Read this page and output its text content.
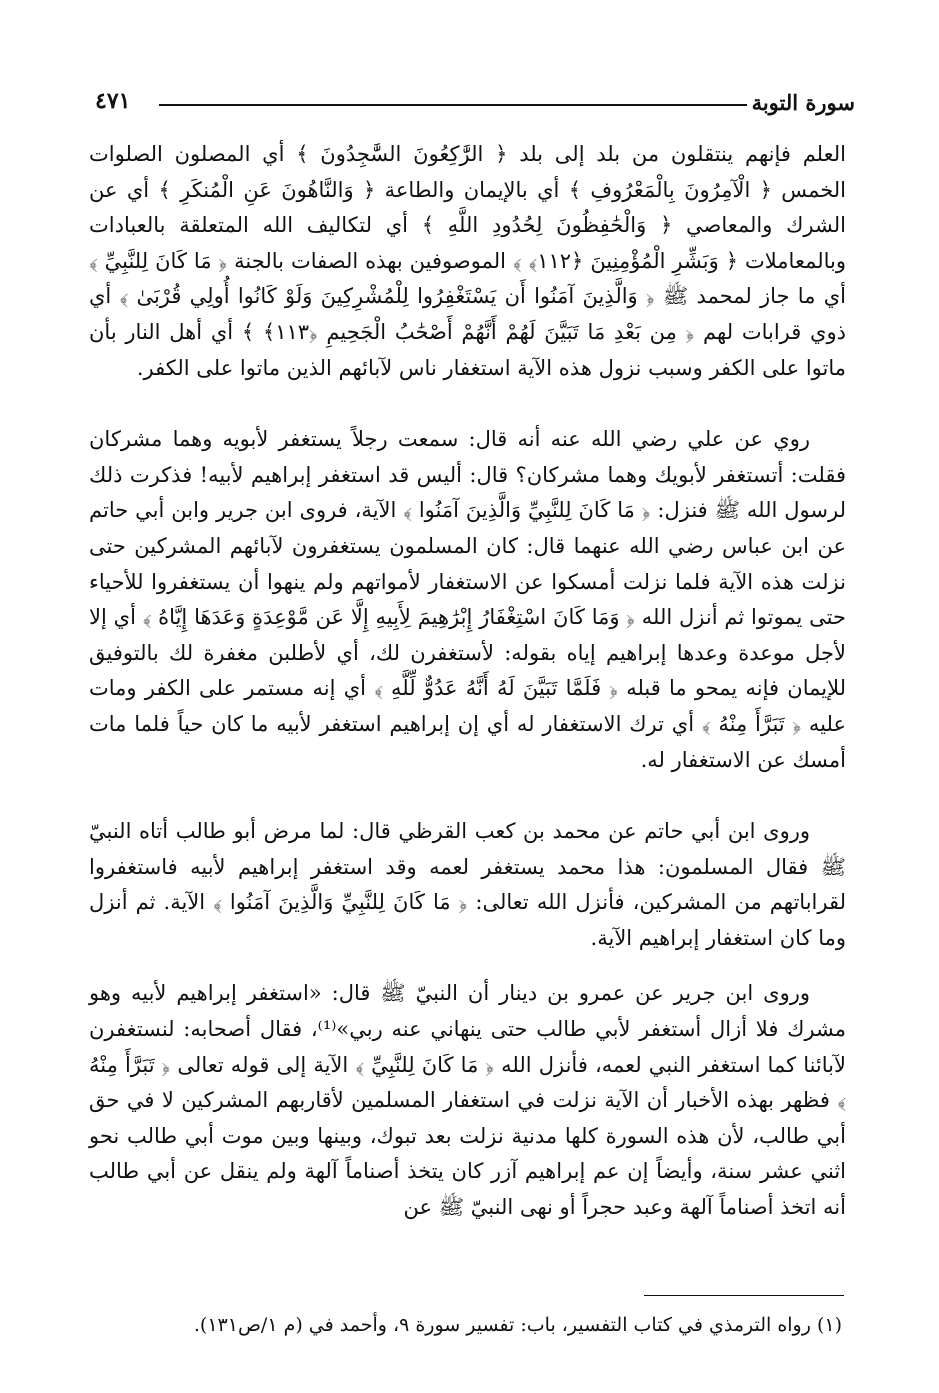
سورة التوبة
٤٧١

العلم فإنهم ينتقلون من بلد إلى بلد ﴿ الرَّٰكِعُونَ السَّٰجِدُونَ ﴾ أي المصلون الصلوات الخمس ﴿ الْآمِرُونَ بِالْمَعْرُوفِ ﴾ أي بالإيمان والطاعة ﴿ وَالنَّاهُونَ عَنِ الْمُنكَرِ ﴾ أي عن الشرك والمعاصي ﴿ وَالْحَٰفِظُونَ لِحُدُودِ اللَّهِ ﴾ أي لتكاليف الله المتعلقة بالعبادات وبالمعاملات ﴿ وَبَشِّرِ الْمُؤْمِنِينَ ﴿١١٢﴾ ﴾ الموصوفين بهذه الصفات بالجنة ﴿ مَا كَانَ لِلنَّبِيِّ ﴾ أي ما جاز لمحمد ﷺ ﴿ وَالَّذِينَ آمَنُوا أَن يَسْتَغْفِرُوا لِلْمُشْرِكِينَ وَلَوْ كَانُوا أُولِي قُرْبَىٰ ﴾ أي ذوي قرابات لهم ﴿ مِن بَعْدِ مَا تَبَيَّنَ لَهُمْ أَنَّهُمْ أَصْحَٰبُ الْجَحِيمِ ﴿١١٣﴾ ﴾ أي أهل النار بأن ماتوا على الكفر وسبب نزول هذه الآية استغفار ناس لآبائهم الذين ماتوا على الكفر.

روي عن علي رضي الله عنه أنه قال: سمعت رجلاً يستغفر لأبويه وهما مشركان فقلت: أتستغفر لأبويك وهما مشركان؟ قال: أليس قد استغفر إبراهيم لأبيه! فذكرت ذلك لرسول الله ﷺ فنزل: ﴿ مَا كَانَ لِلنَّبِيِّ وَالَّذِينَ آمَنُوا ﴾ الآية، فروى ابن جرير وابن أبي حاتم عن ابن عباس رضي الله عنهما قال: كان المسلمون يستغفرون لآبائهم المشركين حتى نزلت هذه الآية فلما نزلت أمسكوا عن الاستغفار لأمواتهم ولم ينهوا أن يستغفروا للأحياء حتى يموتوا ثم أنزل الله ﴿ وَمَا كَانَ اسْتِغْفَارُ إِبْرَٰهِيمَ لِأَبِيهِ إِلَّا عَن مَّوْعِدَةٍ وَعَدَهَا إِيَّاهُ ﴾ أي إلا لأجل موعدة وعدها إبراهيم إياه بقوله: لأستغفرن لك، أي لأطلبن مغفرة لك بالتوفيق للإيمان فإنه يمحو ما قبله ﴿ فَلَمَّا تَبَيَّنَ لَهُ أَنَّهُ عَدُوٌّ لِّلَّهِ ﴾ أي إنه مستمر على الكفر ومات عليه ﴿ تَبَرَّأَ مِنْهُ ﴾ أي ترك الاستغفار له أي إن إبراهيم استغفر لأبيه ما كان حياً فلما مات أمسك عن الاستغفار له.

وروى ابن أبي حاتم عن محمد بن كعب القرظي قال: لما مرض أبو طالب أتاه النبيّ ﷺ فقال المسلمون: هذا محمد يستغفر لعمه وقد استغفر إبراهيم لأبيه فاستغفروا لقراباتهم من المشركين، فأنزل الله تعالى: ﴿ مَا كَانَ لِلنَّبِيِّ وَالَّذِينَ آمَنُوا ﴾ الآية. ثم أنزل وما كان استغفار إبراهيم الآية.

وروى ابن جرير عن عمرو بن دينار أن النبيّ ﷺ قال: «استغفر إبراهيم لأبيه وهو مشرك فلا أزال أستغفر لأبي طالب حتى ينهاني عنه ربي»⁽¹⁾، فقال أصحابه: لنستغفرن لآبائنا كما استغفر النبي لعمه، فأنزل الله ﴿ مَا كَانَ لِلنَّبِيِّ ﴾ الآية إلى قوله تعالى ﴿ تَبَرَّأَ مِنْهُ ﴾ فظهر بهذه الأخبار أن الآية نزلت في استغفار المسلمين لأقاربهم المشركين لا في حق أبي طالب، لأن هذه السورة كلها مدنية نزلت بعد تبوك، وبينها وبين موت أبي طالب نحو اثني عشر سنة، وأيضاً إن عم إبراهيم آزر كان يتخذ أصناماً آلهة ولم ينقل عن أبي طالب أنه اتخذ أصناماً آلهة وعبد حجراً أو نهى النبيّ ﷺ عن

(١) رواه الترمذي في كتاب التفسير، باب: تفسير سورة ٩، وأحمد في (م ١/ص١٣١).
